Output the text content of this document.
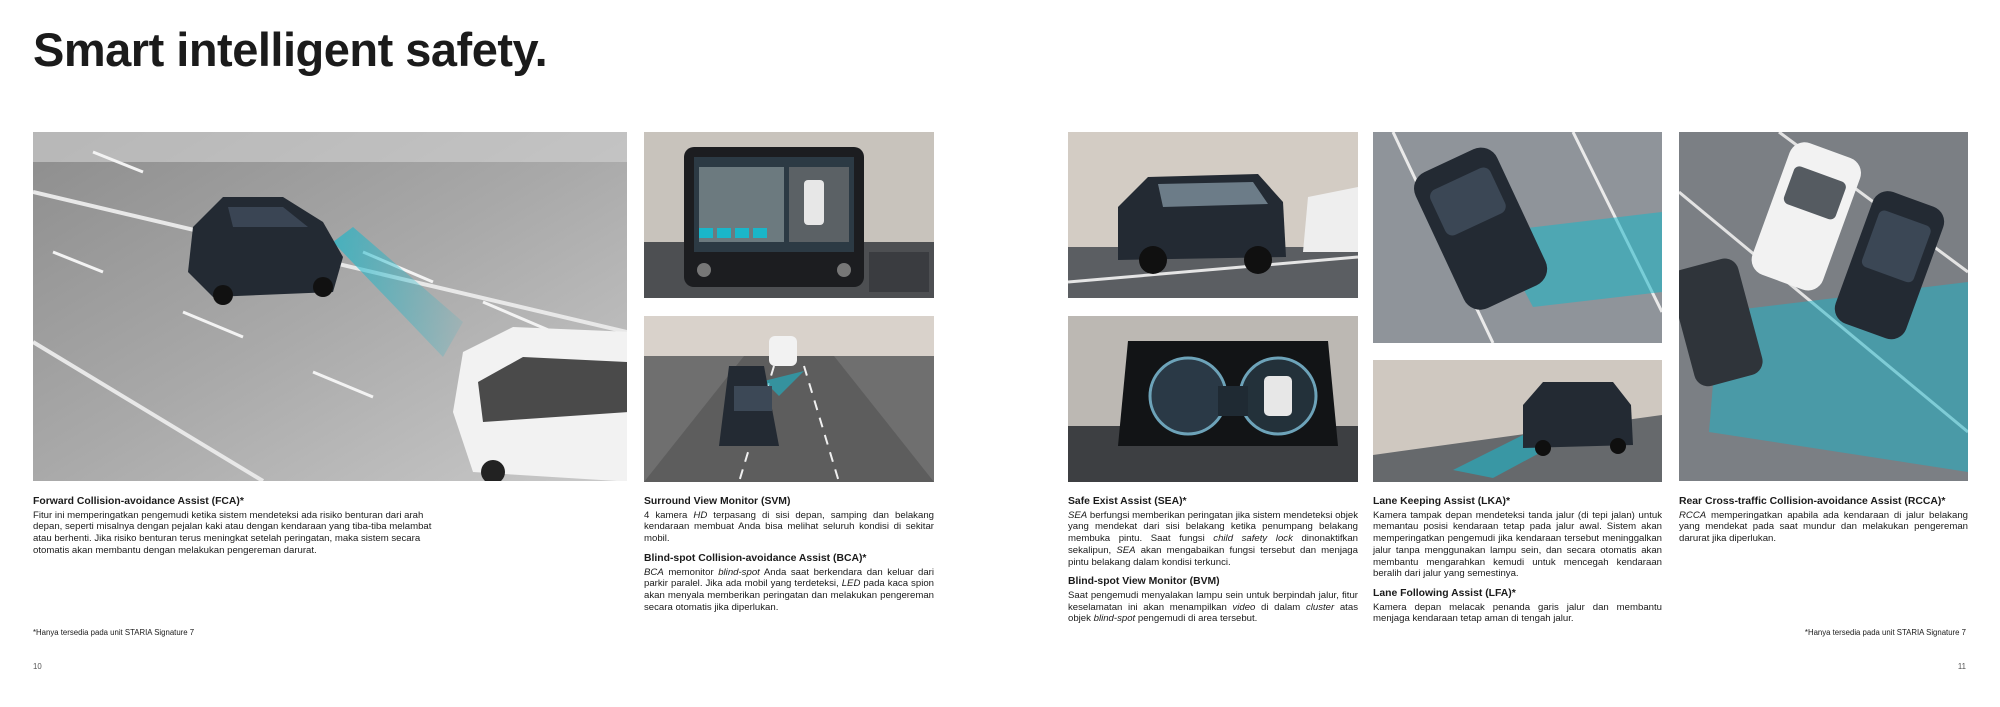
Smart intelligent safety.
Forward Collision-avoidance Assist (FCA)*

Fitur ini memperingatkan pengemudi ketika sistem mendeteksi ada risiko benturan dari arah depan, seperti misalnya dengan pejalan kaki atau dengan kendaraan yang tiba-tiba melambat atau berhenti. Jika risiko benturan terus meningkat setelah peringatan, maka sistem secara otomatis akan membantu dengan melakukan pengereman darurat.

Surround View Monitor (SVM)

4 kamera HD terpasang di sisi depan, samping dan belakang kendaraan membuat Anda bisa melihat seluruh kondisi di sekitar mobil.

Blind-spot Collision-avoidance Assist (BCA)*

BCA memonitor blind-spot Anda saat berkendara dan keluar dari parkir paralel. Jika ada mobil yang terdeteksi, LED pada kaca spion akan menyala memberikan peringatan dan melakukan pengereman secara otomatis jika diperlukan.

Safe Exist Assist (SEA)*

SEA berfungsi memberikan peringatan jika sistem mendeteksi objek yang mendekat dari sisi belakang ketika penumpang belakang membuka pintu. Saat fungsi child safety lock dinonaktifkan sekalipun, SEA akan mengabaikan fungsi tersebut dan menjaga pintu belakang dalam kondisi terkunci.

Blind-spot View Monitor (BVM)

Saat pengemudi menyalakan lampu sein untuk berpindah jalur, fitur keselamatan ini akan menampilkan video di dalam cluster atas objek blind-spot pengemudi di area tersebut.

Lane Keeping Assist (LKA)*

Kamera tampak depan mendeteksi tanda jalur (di tepi jalan) untuk memantau posisi kendaraan tetap pada jalur awal. Sistem akan memperingatkan pengemudi jika kendaraan tersebut meninggalkan jalur tanpa menggunakan lampu sein, dan secara otomatis akan membantu mengarahkan kemudi untuk mencegah kendaraan beralih dari jalur yang semestinya.

Lane Following Assist (LFA)*

Kamera depan melacak penanda garis jalur dan membantu menjaga kendaraan tetap aman di tengah jalur.

Rear Cross-traffic Collision-avoidance Assist (RCCA)*

RCCA memperingatkan apabila ada kendaraan di jalur belakang yang mendekat pada saat mundur dan melakukan pengereman darurat jika diperlukan.

*Hanya tersedia pada unit STARIA Signature 7	*Hanya tersedia pada unit STARIA Signature 7
10	11
